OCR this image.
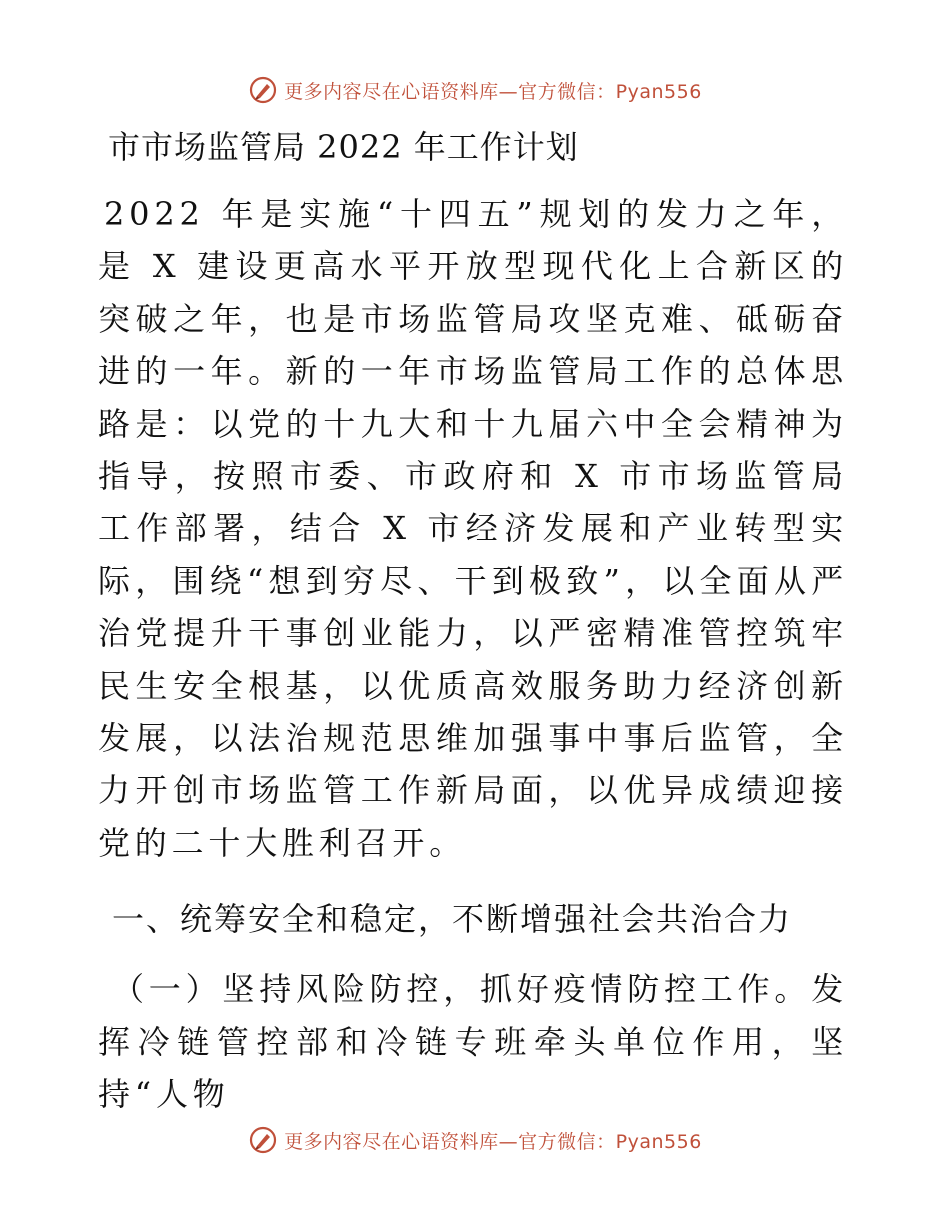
更多内容尽在心语资料库—官方微信：Pyan556
市市场监管局 2022 年工作计划

2022 年是实施“十四五”规划的发力之年，是 X 建设更高水平开放型现代化上合新区的突破之年，也是市场监管局攻坚克难、砥砺奋进的一年。新的一年市场监管局工作的总体思路是：以党的十九大和十九届六中全会精神为指导，按照市委、市政府和 X 市市场监管局工作部署，结合 X 市经济发展和产业转型实际，围绕“想到穷尽、干到极致”，以全面从严治党提升干事创业能力，以严密精准管控筑牢民生安全根基，以优质高效服务助力经济创新发展，以法治规范思维加强事中事后监管，全力开创市场监管工作新局面，以优异成绩迎接党的二十大胜利召开。

一、统筹安全和稳定，不断增强社会共治合力

（一）坚持风险防控，抓好疫情防控工作。发挥冷链管控部和冷链专班牵头单位作用，坚持“人物

更多内容尽在心语资料库—官方微信：Pyan556
